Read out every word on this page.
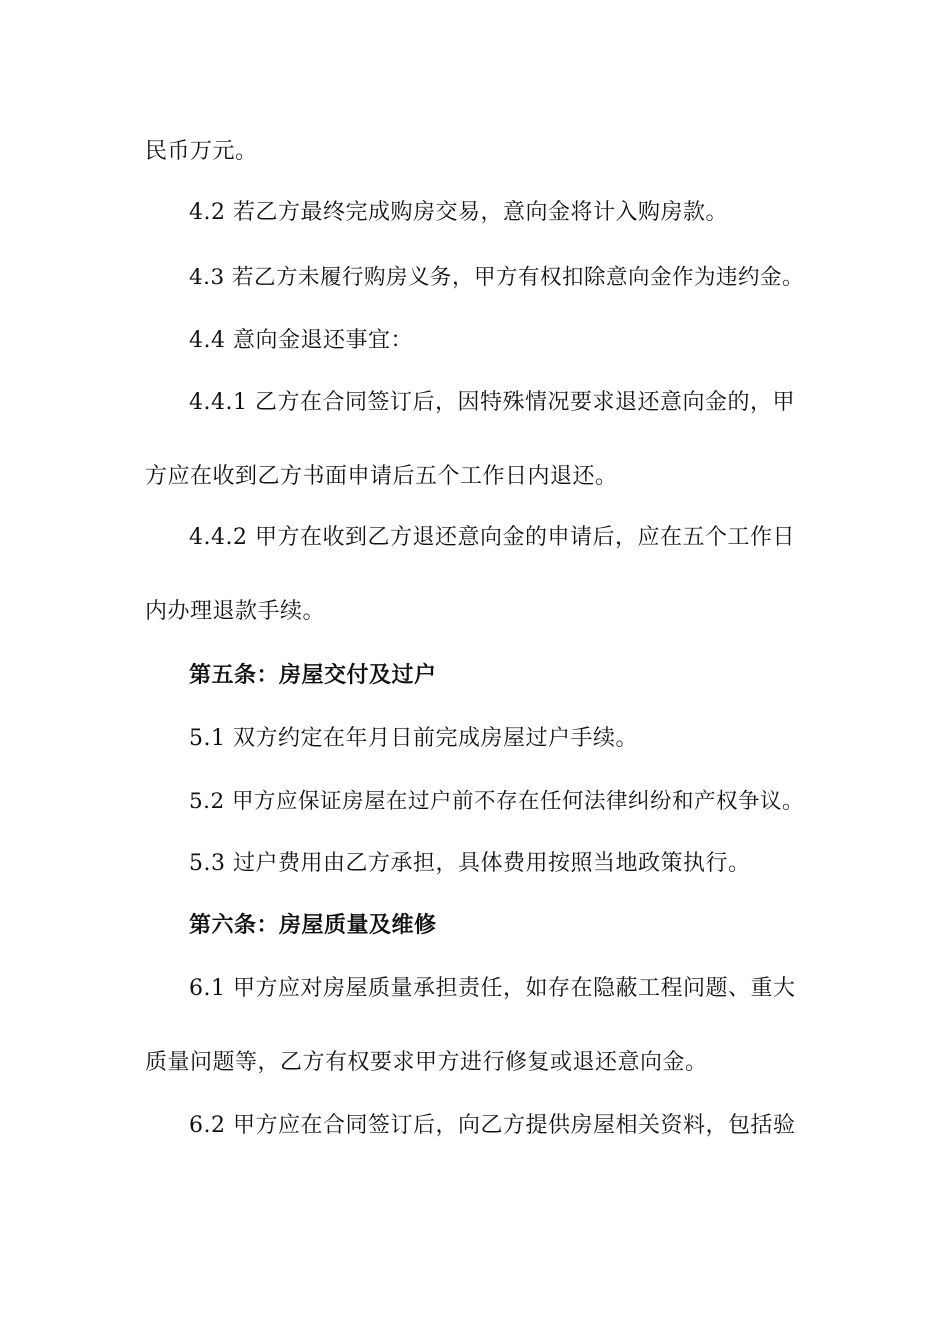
民币万元。
4.2 若乙方最终完成购房交易，意向金将计入购房款。
4.3 若乙方未履行购房义务，甲方有权扣除意向金作为违约金。
4.4 意向金退还事宜：
4.4.1 乙方在合同签订后，因特殊情况要求退还意向金的，甲
方应在收到乙方书面申请后五个工作日内退还。
4.4.2 甲方在收到乙方退还意向金的申请后，应在五个工作日
内办理退款手续。
第五条：房屋交付及过户
5.1 双方约定在年月日前完成房屋过户手续。
5.2 甲方应保证房屋在过户前不存在任何法律纠纷和产权争议。
5.3 过户费用由乙方承担，具体费用按照当地政策执行。
第六条：房屋质量及维修
6.1 甲方应对房屋质量承担责任，如存在隐蔽工程问题、重大
质量问题等，乙方有权要求甲方进行修复或退还意向金。
6.2 甲方应在合同签订后，向乙方提供房屋相关资料，包括验
